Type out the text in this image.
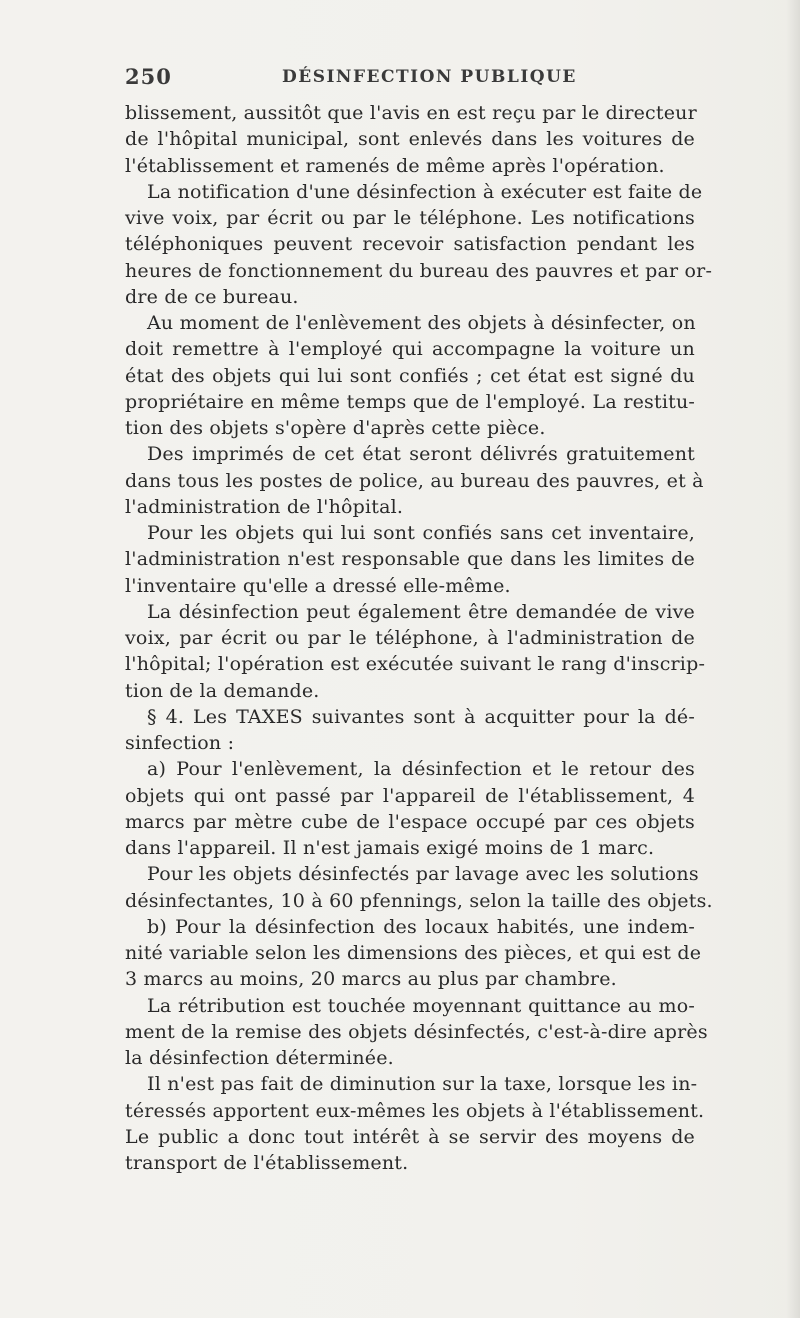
250	DÉSINFECTION PUBLIQUE
blissement, aussitôt que l'avis en est reçu par le directeur
de l'hôpital municipal, sont enlevés dans les voitures de
l'établissement et ramenés de même après l'opération.
La notification d'une désinfection à exécuter est faite de
vive voix, par écrit ou par le téléphone. Les notifications
téléphoniques peuvent recevoir satisfaction pendant les
heures de fonctionnement du bureau des pauvres et par or-
dre de ce bureau.
Au moment de l'enlèvement des objets à désinfecter, on
doit remettre à l'employé qui accompagne la voiture un
état des objets qui lui sont confiés ; cet état est signé du
propriétaire en même temps que de l'employé. La restitu-
tion des objets s'opère d'après cette pièce.
Des imprimés de cet état seront délivrés gratuitement
dans tous les postes de police, au bureau des pauvres, et à
l'administration de l'hôpital.
Pour les objets qui lui sont confiés sans cet inventaire,
l'administration n'est responsable que dans les limites de
l'inventaire qu'elle a dressé elle-même.
La désinfection peut également être demandée de vive
voix, par écrit ou par le téléphone, à l'administration de
l'hôpital; l'opération est exécutée suivant le rang d'inscrip-
tion de la demande.
§ 4. Les TAXES suivantes sont à acquitter pour la dé-
sinfection :
a) Pour l'enlèvement, la désinfection et le retour des
objets qui ont passé par l'appareil de l'établissement, 4
marcs par mètre cube de l'espace occupé par ces objets
dans l'appareil. Il n'est jamais exigé moins de 1 marc.
Pour les objets désinfectés par lavage avec les solutions
désinfectantes, 10 à 60 pfennings, selon la taille des objets.
b) Pour la désinfection des locaux habités, une indem-
nité variable selon les dimensions des pièces, et qui est de
3 marcs au moins, 20 marcs au plus par chambre.
La rétribution est touchée moyennant quittance au mo-
ment de la remise des objets désinfectés, c'est-à-dire après
la désinfection déterminée.
Il n'est pas fait de diminution sur la taxe, lorsque les in-
téressés apportent eux-mêmes les objets à l'établissement.
Le public a donc tout intérêt à se servir des moyens de
transport de l'établissement.
